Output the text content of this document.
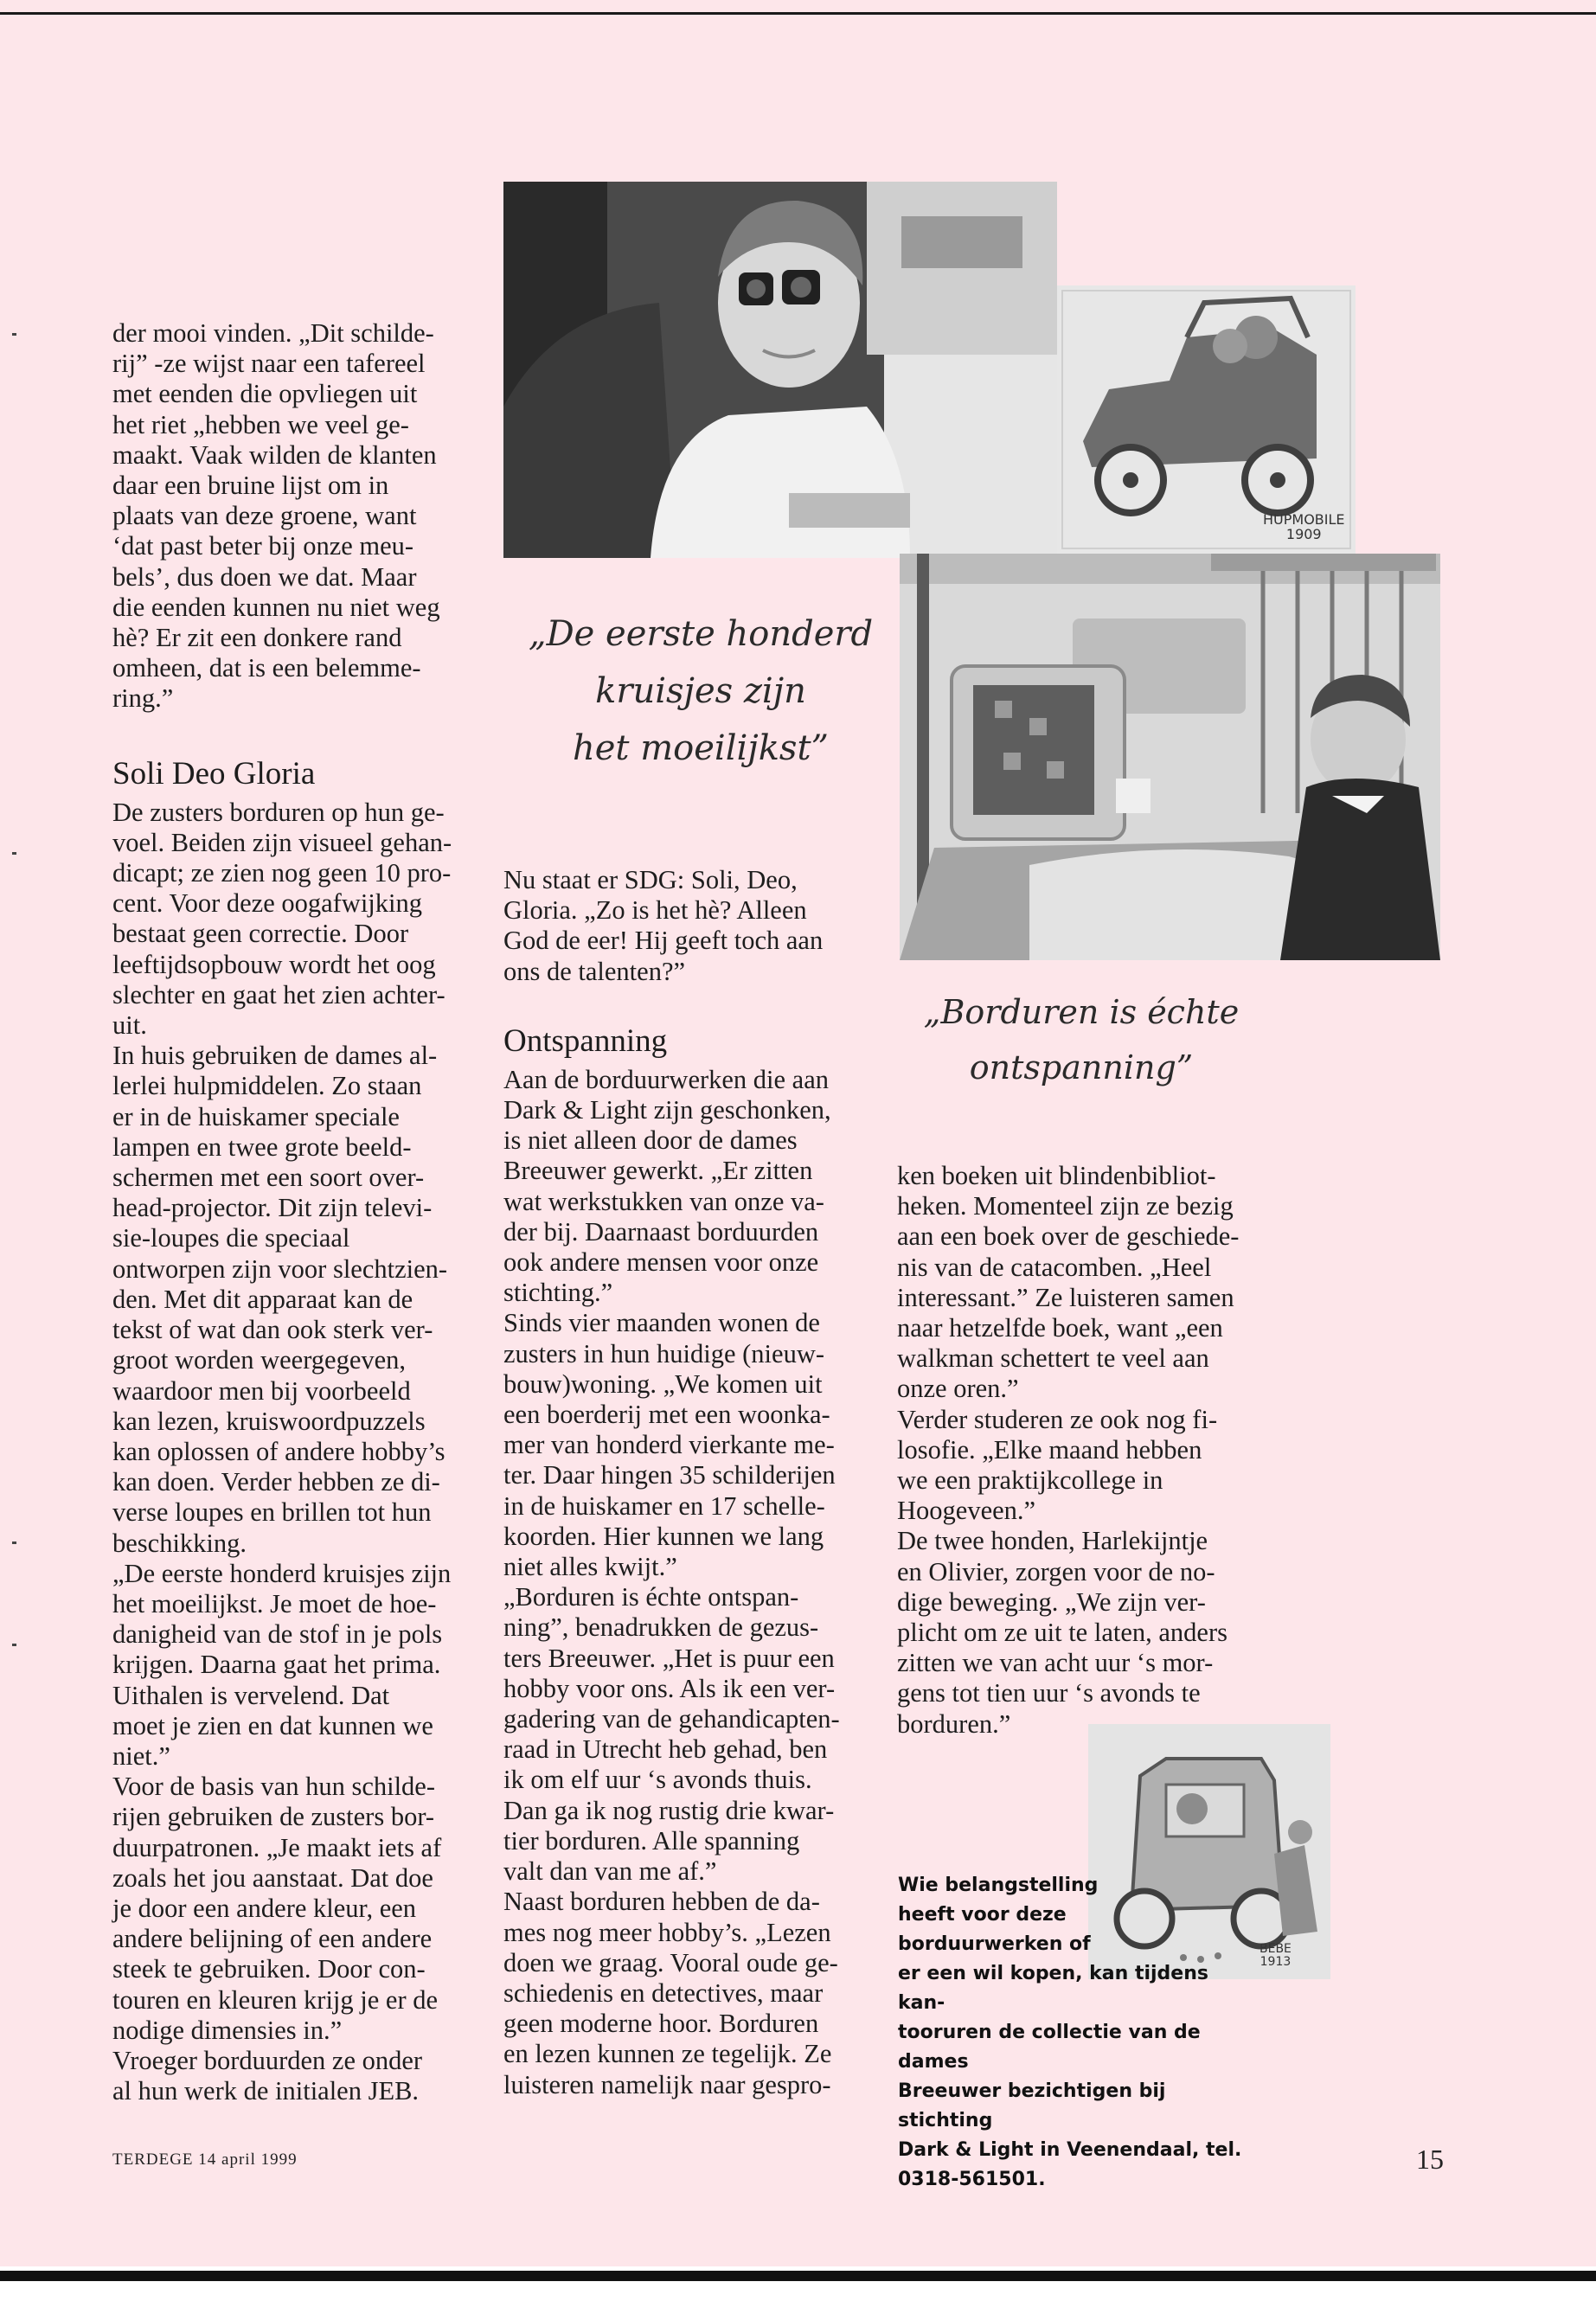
der mooi vinden. „Dit schilde-
rij” -ze wijst naar een tafereel
met eenden die opvliegen uit
het riet „hebben we veel ge-
maakt. Vaak wilden de klanten
daar een bruine lijst om in
plaats van deze groene, want
‘dat past beter bij onze meu-
bels’, dus doen we dat. Maar
die eenden kunnen nu niet weg
hè? Er zit een donkere rand
omheen, dat is een belemme-
ring.”

Soli Deo Gloria

De zusters borduren op hun ge-
voel. Beiden zijn visueel gehan-
dicapt; ze zien nog geen 10 pro-
cent. Voor deze oogafwijking
bestaat geen correctie. Door
leeftijdsopbouw wordt het oog
slechter en gaat het zien achter-
uit.
In huis gebruiken de dames al-
lerlei hulpmiddelen. Zo staan
er in de huiskamer speciale
lampen en twee grote beeld-
schermen met een soort over-
head-projector. Dit zijn televi-
sie-loupes die speciaal
ontworpen zijn voor slechtzien-
den. Met dit apparaat kan de
tekst of wat dan ook sterk ver-
groot worden weergegeven,
waardoor men bij voorbeeld
kan lezen, kruiswoordpuzzels
kan oplossen of andere hobby’s
kan doen. Verder hebben ze di-
verse loupes en brillen tot hun
beschikking.
„De eerste honderd kruisjes zijn
het moeilijkst. Je moet de hoe-
danigheid van de stof in je pols
krijgen. Daarna gaat het prima.
Uithalen is vervelend. Dat
moet je zien en dat kunnen we
niet.”
Voor de basis van hun schilde-
rijen gebruiken de zusters bor-
duurpatronen. „Je maakt iets af
zoals het jou aanstaat. Dat doe
je door een andere kleur, een
andere belijning of een andere
steek te gebruiken. Door con-
touren en kleuren krijg je er de
nodige dimensies in.”
Vroeger borduurden ze onder
al hun werk de initialen JEB.

HUPMOBILE
1909
„De eerste honderd
kruisjes zijn
het moeilijkst”

Nu staat er SDG: Soli, Deo,
Gloria. „Zo is het hè? Alleen
God de eer! Hij geeft toch aan
ons de talenten?”

Ontspanning

Aan de borduurwerken die aan
Dark & Light zijn geschonken,
is niet alleen door de dames
Breeuwer gewerkt. „Er zitten
wat werkstukken van onze va-
der bij. Daarnaast borduurden
ook andere mensen voor onze
stichting.”
Sinds vier maanden wonen de
zusters in hun huidige (nieuw-
bouw)woning. „We komen uit
een boerderij met een woonka-
mer van honderd vierkante me-
ter. Daar hingen 35 schilderijen
in de huiskamer en 17 schelle-
koorden. Hier kunnen we lang
niet alles kwijt.”
„Borduren is échte ontspan-
ning”, benadrukken de gezus-
ters Breeuwer. „Het is puur een
hobby voor ons. Als ik een ver-
gadering van de gehandicapten-
raad in Utrecht heb gehad, ben
ik om elf uur ‘s avonds thuis.
Dan ga ik nog rustig drie kwar-
tier borduren. Alle spanning
valt dan van me af.”
Naast borduren hebben de da-
mes nog meer hobby’s. „Lezen
doen we graag. Vooral oude ge-
schiedenis en detectives, maar
geen moderne hoor. Borduren
en lezen kunnen ze tegelijk. Ze
luisteren namelijk naar gespro-

„Borduren is échte
ontspanning”

ken boeken uit blindenbibliot-
heken. Momenteel zijn ze bezig
aan een boek over de geschiede-
nis van de catacomben. „Heel
interessant.” Ze luisteren samen
naar hetzelfde boek, want „een
walkman schettert te veel aan
onze oren.”
Verder studeren ze ook nog fi-
losofie. „Elke maand hebben
we een praktijkcollege in
Hoogeveen.”
De twee honden, Harlekijntje
en Olivier, zorgen voor de no-
dige beweging. „We zijn ver-
plicht om ze uit te laten, anders
zitten we van acht uur ‘s mor-
gens tot tien uur ‘s avonds te
borduren.”

BEBE
1913
Wie belangstelling
heeft voor deze
borduurwerken of
er een wil kopen, kan tijdens kan-
tooruren de collectie van de dames
Breeuwer bezichtigen bij stichting
Dark & Light in Veenendaal, tel.
0318-561501.
TERDEGE 14 april 1999	15
